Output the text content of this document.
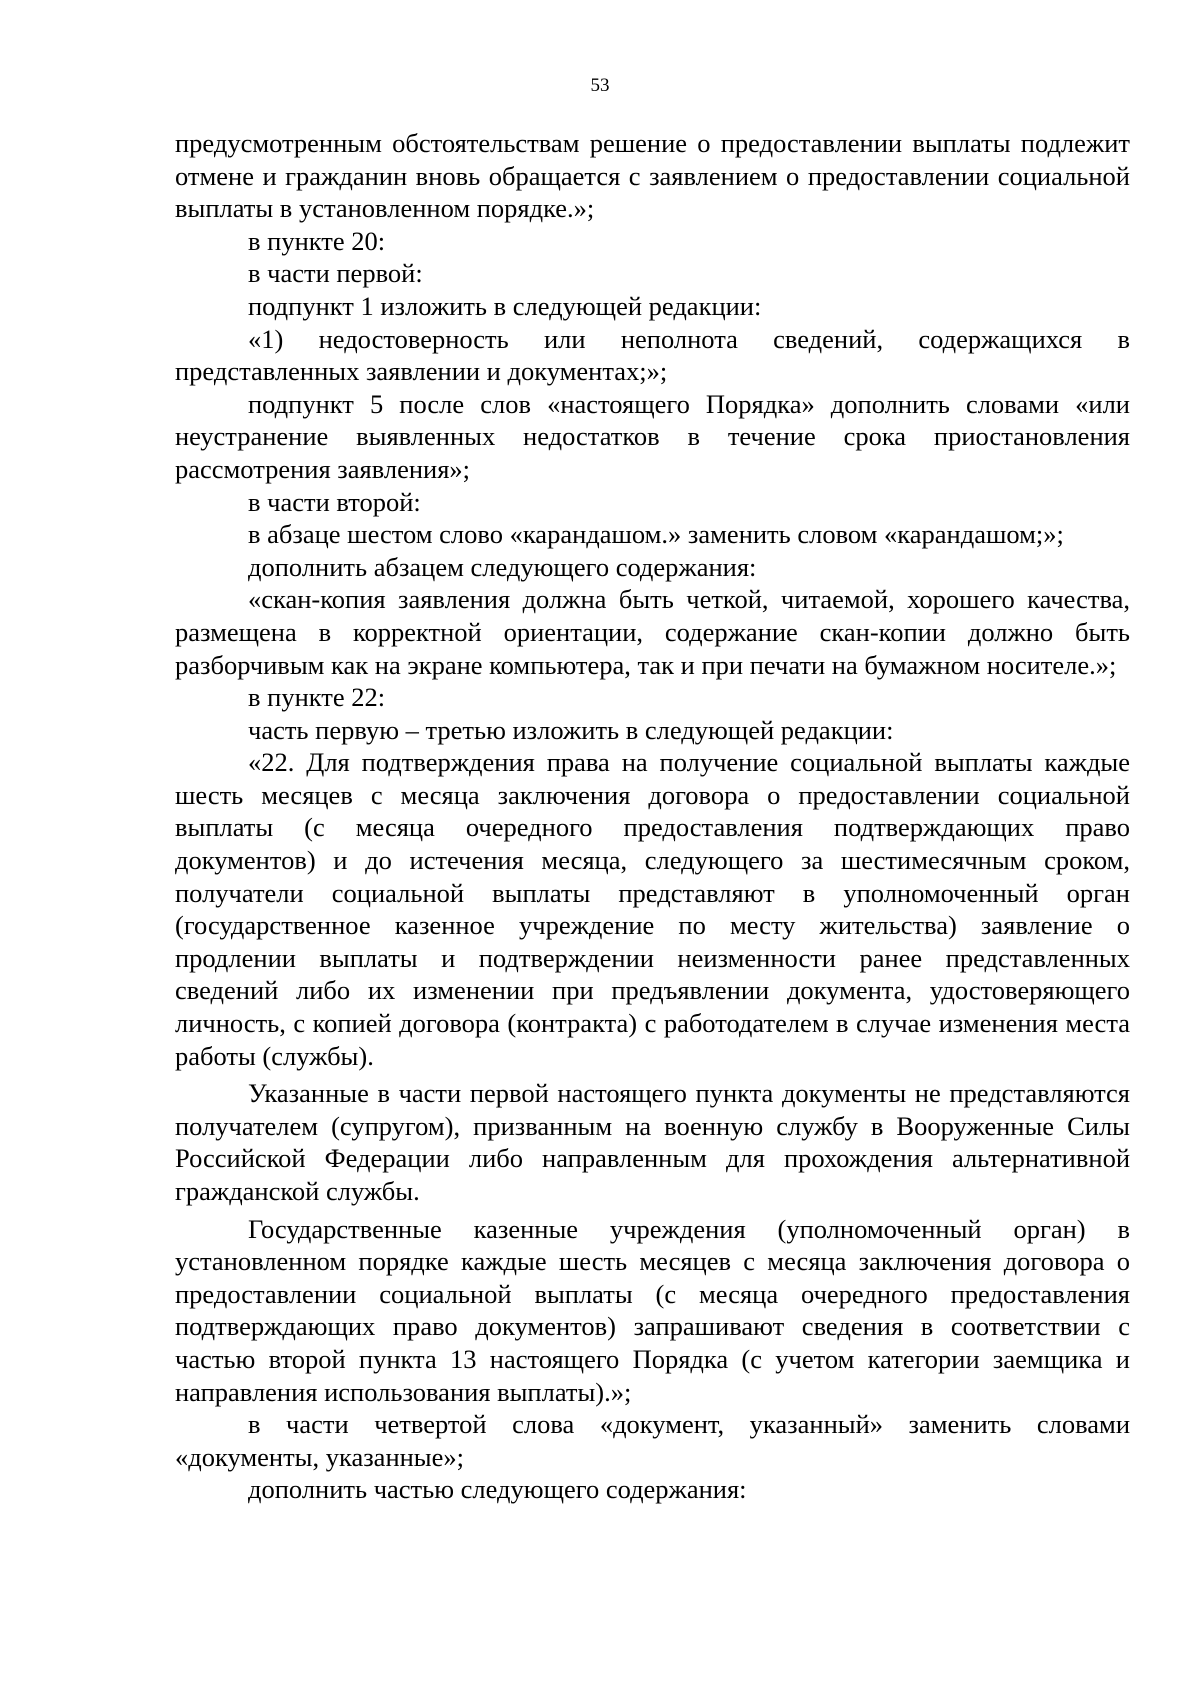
53

предусмотренным обстоятельствам решение о предоставлении выплаты подлежит отмене и гражданин вновь обращается с заявлением о предоставлении социальной выплаты в установленном порядке.»;

в пункте 20:

в части первой:

подпункт 1 изложить в следующей редакции:

«1) недостоверность или неполнота сведений, содержащихся в представленных заявлении и документах;»;

подпункт 5 после слов «настоящего Порядка» дополнить словами «или неустранение выявленных недостатков в течение срока приостановления рассмотрения заявления»;

в части второй:

в абзаце шестом слово «карандашом.» заменить словом «карандашом;»;

дополнить абзацем следующего содержания:

«скан-копия заявления должна быть четкой, читаемой, хорошего качества, размещена в корректной ориентации, содержание скан-копии должно быть разборчивым как на экране компьютера, так и при печати на бумажном носителе.»;

в пункте 22:

часть первую – третью изложить в следующей редакции:

«22. Для подтверждения права на получение социальной выплаты каждые шесть месяцев с месяца заключения договора о предоставлении социальной выплаты (с месяца очередного предоставления подтверждающих право документов) и до истечения месяца, следующего за шестимесячным сроком, получатели социальной выплаты представляют в уполномоченный орган (государственное казенное учреждение по месту жительства) заявление о продлении выплаты и подтверждении неизменности ранее представленных сведений либо их изменении при предъявлении документа, удостоверяющего личность, с копией договора (контракта) с работодателем в случае изменения места работы (службы).

Указанные в части первой настоящего пункта документы не представляются получателем (супругом), призванным на военную службу в Вооруженные Силы Российской Федерации либо направленным для прохождения альтернативной гражданской службы.

Государственные казенные учреждения (уполномоченный орган) в установленном порядке каждые шесть месяцев с месяца заключения договора о предоставлении социальной выплаты (с месяца очередного предоставления подтверждающих право документов) запрашивают сведения в соответствии с частью второй пункта 13 настоящего Порядка (с учетом категории заемщика и направления использования выплаты).»;

в части четвертой слова «документ, указанный» заменить словами «документы, указанные»;

дополнить частью следующего содержания:
